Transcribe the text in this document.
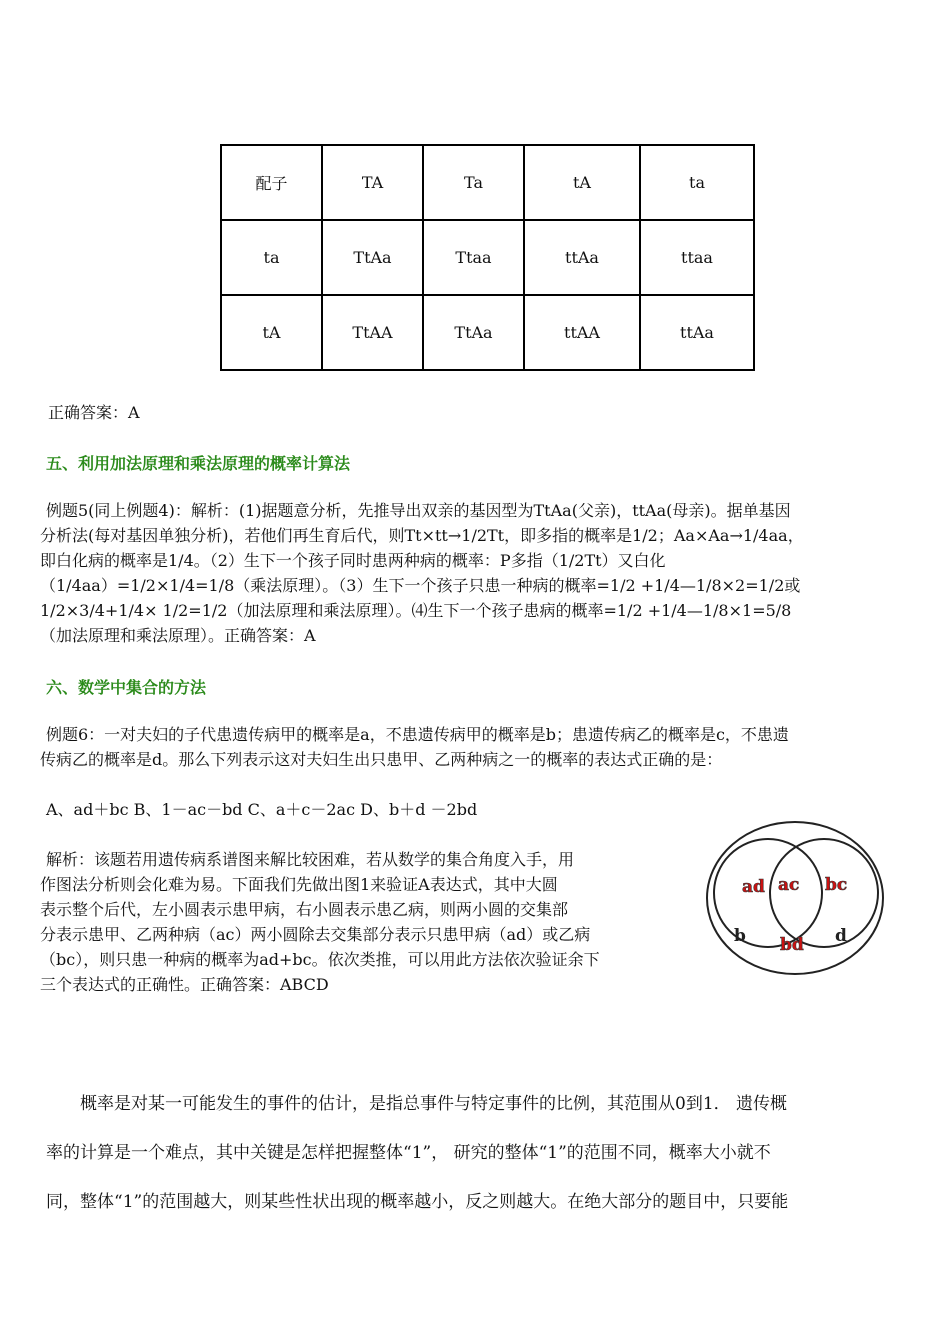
配子	TA	Ta	tA	ta
ta	TtAa	Ttaa	ttAa	ttaa
tA	TtAA	TtAa	ttAA	ttAa
正确答案：A
五、利用加法原理和乘法原理的概率计算法
例题5(同上例题4)：解析：(1)据题意分析，先推导出双亲的基因型为TtAa(父亲)，ttAa(母亲)。据单基因
分析法(每对基因单独分析)，若他们再生育后代，则Tt×tt→1/2Tt，即多指的概率是1/2；Aa×Aa→1/4aa，
即白化病的概率是1/4。（2）生下一个孩子同时患两种病的概率：P多指（1/2Tt）又白化
（1/4aa）=1/2×1/4=1/8（乘法原理）。（3）生下一个孩子只患一种病的概率=1/2 +1/4—1/8×2=1/2或
1/2×3/4+1/4× 1/2=1/2（加法原理和乘法原理）。⑷生下一个孩子患病的概率=1/2 +1/4—1/8×1=5/8
（加法原理和乘法原理）。正确答案：A
六、数学中集合的方法
例题6：一对夫妇的子代患遗传病甲的概率是a，不患遗传病甲的概率是b；患遗传病乙的概率是c，不患遗
传病乙的概率是d。那么下列表示这对夫妇生出只患甲、乙两种病之一的概率的表达式正确的是：
A、ad＋bc B、1－ac－bd C、a＋c－2ac D、b＋d －2bd
解析：该题若用遗传病系谱图来解比较困难，若从数学的集合角度入手，用
作图法分析则会化难为易。下面我们先做出图1来验证A表达式，其中大圆
表示整个后代，左小圆表示患甲病，右小圆表示患乙病，则两小圆的交集部
分表示患甲、乙两种病（ac）两小圆除去交集部分表示只患甲病（ad）或乙病
（bc），则只患一种病的概率为ad+bc。依次类推，可以用此方法依次验证余下
三个表达式的正确性。正确答案：ABCD
ad ac bc
b bd d
概率是对某一可能发生的事件的估计，是指总事件与特定事件的比例，其范围从0到1． 遗传概
率的计算是一个难点，其中关键是怎样把握整体“1”， 研究的整体“1”的范围不同，概率大小就不
同，整体“1”的范围越大，则某些性状出现的概率越小，反之则越大。在绝大部分的题目中，只要能
